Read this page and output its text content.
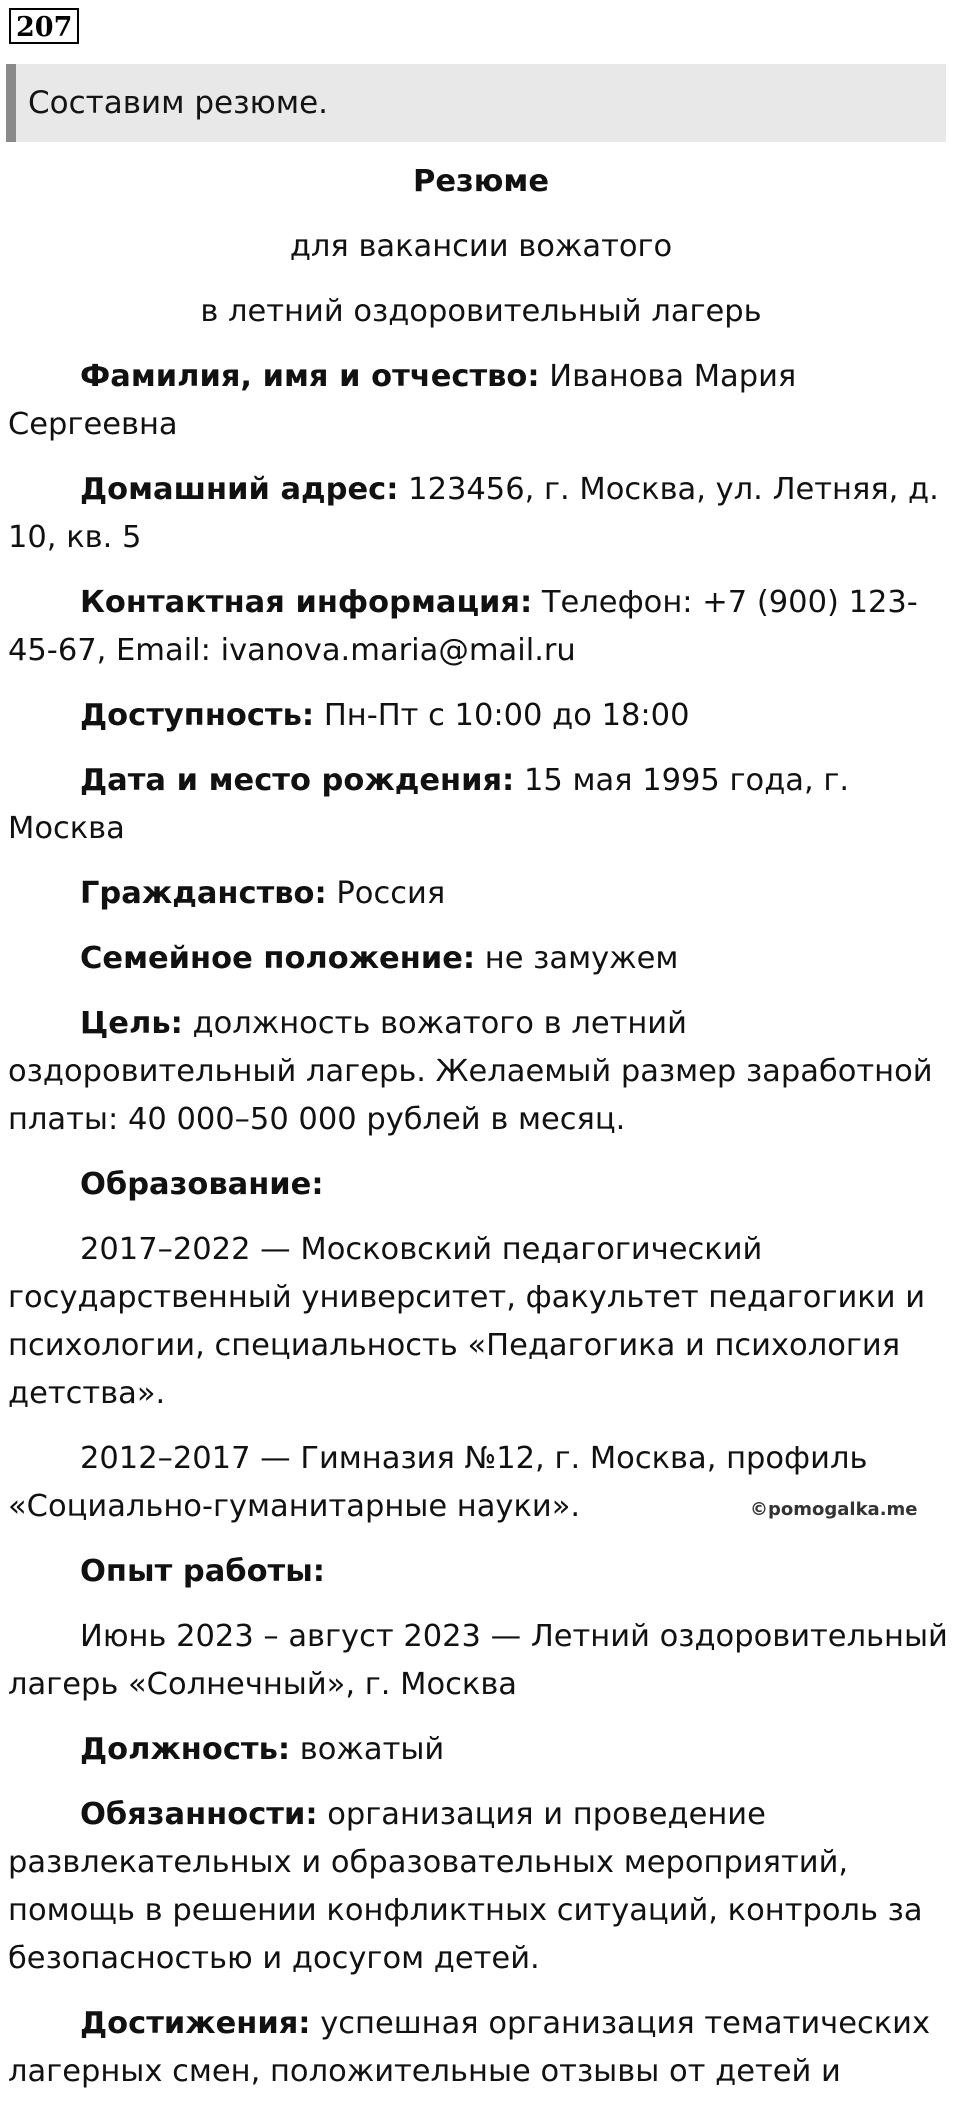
207
Составим резюме.
Резюме
для вакансии вожатого
в летний оздоровительный лагерь

Фамилия, имя и отчество: Иванова Мария Сергеевна

Домашний адрес: 123456, г. Москва, ул. Летняя, д. 10, кв. 5

Контактная информация: Телефон: +7 (900) 123-45-67, Email: ivanova.maria@mail.ru

Доступность: Пн-Пт с 10:00 до 18:00

Дата и место рождения: 15 мая 1995 года, г. Москва

Гражданство: Россия

Семейное положение: не замужем

Цель: должность вожатого в летний оздоровительный лагерь. Желаемый размер заработной платы: 40 000–50 000 рублей в месяц.

Образование:

2017–2022 — Московский педагогический государственный университет, факультет педагогики и психологии, специальность «Педагогика и психология детства».

2012–2017 — Гимназия №12, г. Москва, профиль «Социально-гуманитарные науки».

Опыт работы:

Июнь 2023 – август 2023 — Летний оздоровительный лагерь «Солнечный», г. Москва

Должность: вожатый

Обязанности: организация и проведение развлекательных и образовательных мероприятий, помощь в решении конфликтных ситуаций, контроль за безопасностью и досугом детей.

Достижения: успешная организация тематических лагерных смен, положительные отзывы от детей и

©pomogalka.me
